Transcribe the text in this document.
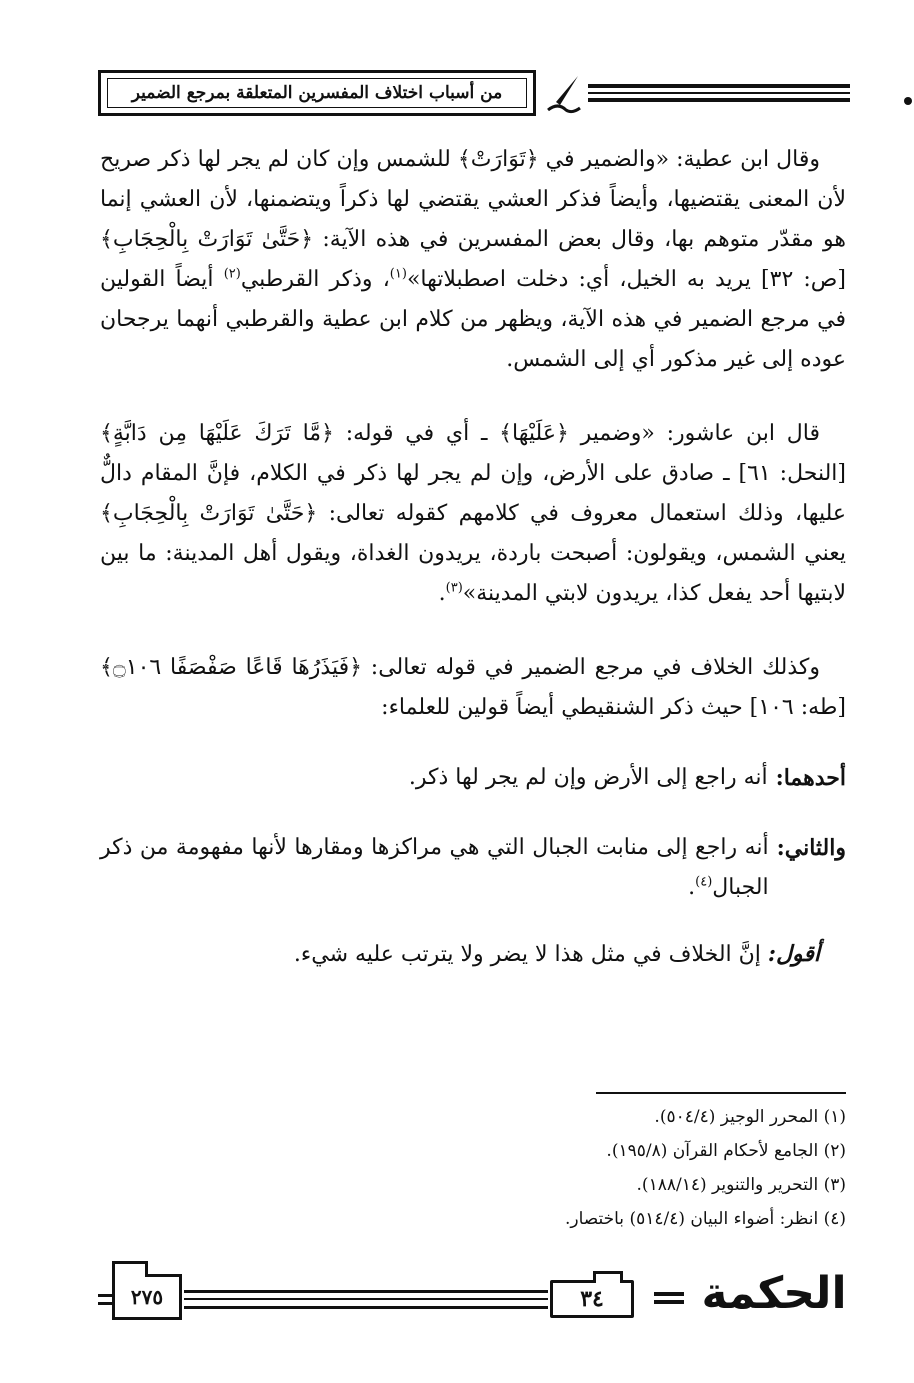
من أسباب اختلاف المفسرين المتعلقة بمرجع الضمير

وقال ابن عطية: «والضمير في ﴿تَوَارَتْ﴾ للشمس وإن كان لم يجر لها ذكر صريح لأن المعنى يقتضيها، وأيضاً فذكر العشي يقتضي لها ذكراً ويتضمنها، لأن العشي إنما هو مقدّر متوهم بها، وقال بعض المفسرين في هذه الآية: ﴿حَتَّىٰ تَوَارَتْ بِالْحِجَابِ﴾ [ص: ٣٢] يريد به الخيل، أي: دخلت اصطبلاتها»$^{(١)}$، وذكر القرطبي$^{(٢)}$ أيضاً القولين في مرجع الضمير في هذه الآية، ويظهر من كلام ابن عطية والقرطبي أنهما يرجحان عوده إلى غير مذكور أي إلى الشمس.

قال ابن عاشور: «وضمير ﴿عَلَيْهَا﴾ ـ أي في قوله: ﴿مَّا تَرَكَ عَلَيْهَا مِن دَابَّةٍ﴾ [النحل: ٦١] ـ صادق على الأرض، وإن لم يجر لها ذكر في الكلام، فإنَّ المقام دالٌّ عليها، وذلك استعمال معروف في كلامهم كقوله تعالى: ﴿حَتَّىٰ تَوَارَتْ بِالْحِجَابِ﴾ يعني الشمس، ويقولون: أصبحت باردة، يريدون الغداة، ويقول أهل المدينة: ما بين لابتيها أحد يفعل كذا، يريدون لابتي المدينة»$^{(٣)}$.

وكذلك الخلاف في مرجع الضمير في قوله تعالى: ﴿فَيَذَرُهَا قَاعًا صَفْصَفًا ۝١٠٦﴾ [طه: ١٠٦] حيث ذكر الشنقيطي أيضاً قولين للعلماء:

أحدهما:
أنه راجع إلى الأرض وإن لم يجر لها ذكر.
والثاني:
أنه راجع إلى منابت الجبال التي هي مراكزها ومقارها لأنها مفهومة من ذكر الجبال$^{(٤)}$.

أقول: إنَّ الخلاف في مثل هذا لا يضر ولا يترتب عليه شيء.

(١) المحرر الوجيز (٥٠٤/٤).
(٢) الجامع لأحكام القرآن (١٩٥/٨).
(٣) التحرير والتنوير (١٨٨/١٤).
(٤) انظر: أضواء البيان (٥١٤/٤) باختصار.
٢٧٥	٣٤	الحكمة
